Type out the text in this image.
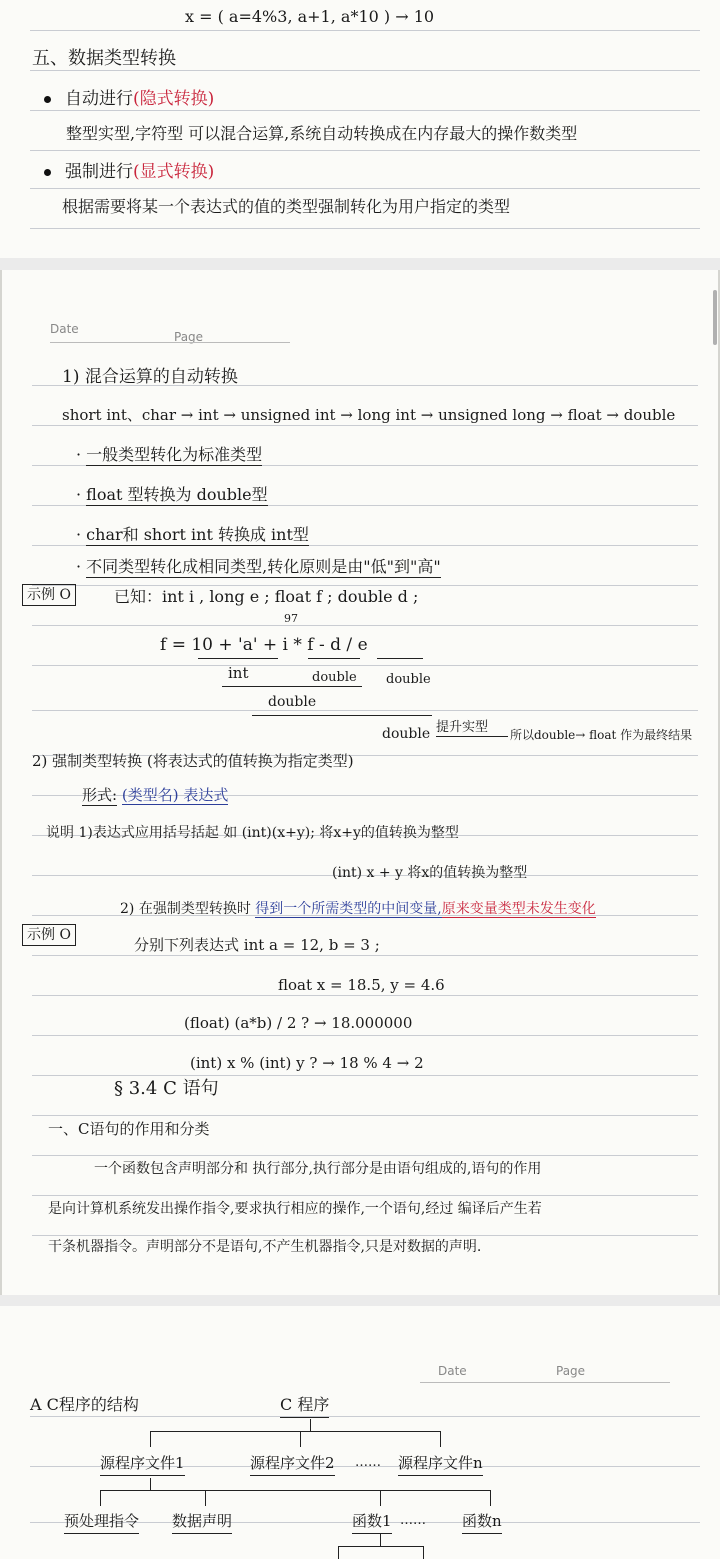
x = ( a=4%3, a+1, a*10 ) → 10
五、数据类型转换
自动进行(隐式转换)
整型实型,字符型 可以混合运算,系统自动转换成在内存最大的操作数类型
强制进行(显式转换)
根据需要将某一个表达式的值的类型强制转化为用户指定的类型
Date
Page
1) 混合运算的自动转换
short int、char → int → unsigned int → long int → unsigned long → float → double
· 一般类型转化为标准类型
· float 型转换为 double型
· char和 short int 转换成 int型
· 不同类型转化成相同类型,转化原则是由"低"到"高"
示例 O	已知：int i , long e ; float f ; double d ;
97
f = 10 + 'a' + i * f - d / e
int	double double
double
double 提升实型	所以double→ float 作为最终结果
2) 强制类型转换 (将表达式的值转换为指定类型)
形式: (类型名) 表达式
说明 1)表达式应用括号括起 如 (int)(x+y); 将x+y的值转换为整型
(int) x + y 将x的值转换为整型
2) 在强制类型转换时 得到一个所需类型的中间变量,原来变量类型未发生变化
示例 O
分别下列表达式 int a = 12, b = 3 ;
float x = 18.5, y = 4.6
(float) (a*b) / 2 ? → 18.000000
(int) x % (int) y ? → 18 % 4 → 2
§ 3.4 C 语句
一、C语句的作用和分类
一个函数包含声明部分和 执行部分,执行部分是由语句组成的,语句的作用
是向计算机系统发出操作指令,要求执行相应的操作,一个语句,经过 编译后产生若
干条机器指令。声明部分不是语句,不产生机器指令,只是对数据的声明.
Date	Page
A C程序的结构	C 程序
源程序文件1	源程序文件2 …… 源程序文件n
预处理指令 数据声明	函数1 …… 函数n
